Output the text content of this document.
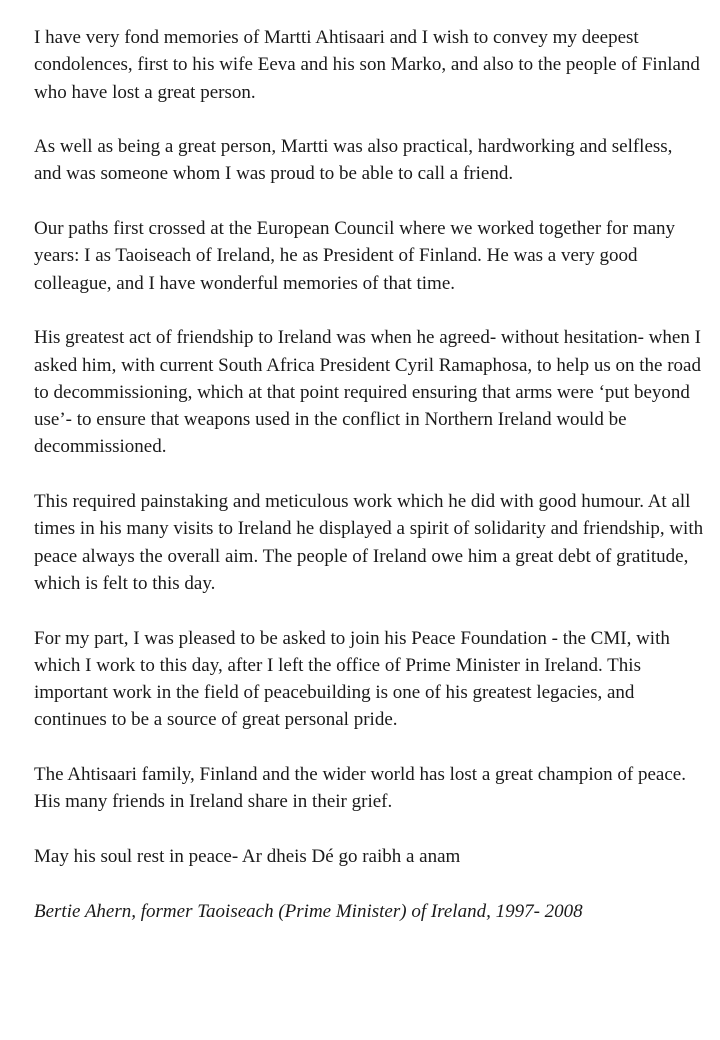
I have very fond memories of Martti Ahtisaari and I wish to convey my deepest condolences, first to his wife Eeva and his son Marko, and also to the people of Finland who have lost a great person.

As well as being a great person, Martti was also practical, hardworking and selfless, and was someone whom I was proud to be able to call a friend.

Our paths first crossed at the European Council where we worked together for many years: I as Taoiseach of Ireland, he as President of Finland. He was a very good colleague, and I have wonderful memories of that time.

His greatest act of friendship to Ireland was when he agreed- without hesitation- when I asked him, with current South Africa President Cyril Ramaphosa, to help us on the road to decommissioning, which at that point required ensuring that arms were ‘put beyond use’- to ensure that weapons used in the conflict in Northern Ireland would be decommissioned.

This required painstaking and meticulous work which he did with good humour. At all times in his many visits to Ireland he displayed a spirit of solidarity and friendship, with peace always the overall aim. The people of Ireland owe him a great debt of gratitude, which is felt to this day.

For my part, I was pleased to be asked to join his Peace Foundation - the CMI, with which I work to this day, after I left the office of Prime Minister in Ireland. This important work in the field of peacebuilding is one of his greatest legacies, and continues to be a source of great personal pride.

The Ahtisaari family, Finland and the wider world has lost a great champion of peace. His many friends in Ireland share in their grief.

May his soul rest in peace- Ar dheis Dé go raibh a anam

Bertie Ahern, former Taoiseach (Prime Minister) of Ireland, 1997- 2008
